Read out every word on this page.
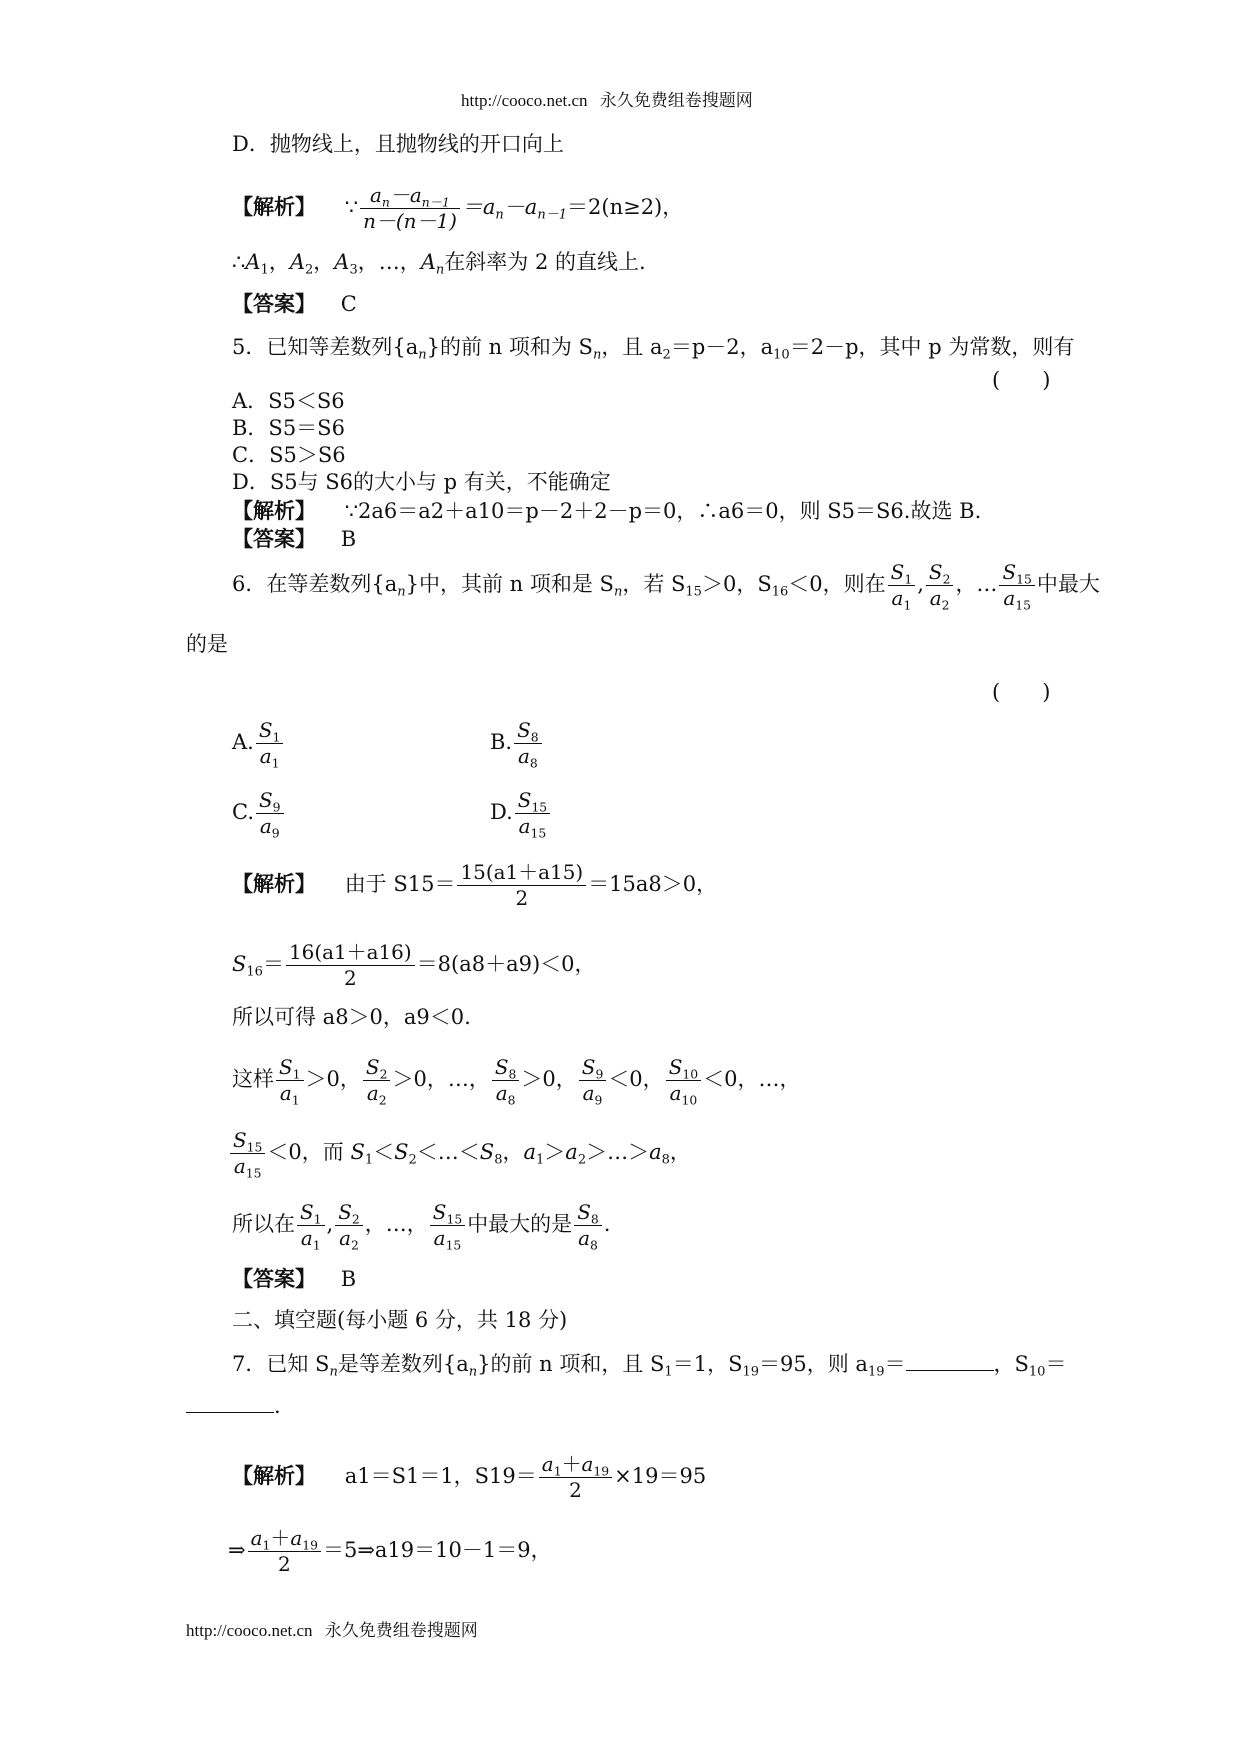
http://cooco.net.cn 永久免费组卷搜题网
D．抛物线上，且抛物线的开口向上
【解析】 ∵ $\frac{a_n-a_{n-1}}{n-(n-1)} =a_n-a_{n-1}=2(n\ge 2)$，
$\therefore A_1$，$A_2$，$A_3$，…，$A_n$在斜率为 2 的直线上.
【答案】 C
5．已知等差数列$\{a_n\}$的前 n 项和为 $S_n$，且 $a_2=p-2$，$a_{10}=2-p$，其中 p 为常数，则有
(　　)
A．S5＜S6
B．S5＝S6
C．S5＞S6
D．S5与 S6的大小与 p 有关，不能确定
【解析】 ∵2a6＝a2＋a10＝p－2＋2－p＝0，∴a6＝0，则 S5＝S6.故选 B.
【答案】 B
6．在等差数列$\{a_n\}$中，其前 n 项和是 $S_n$，若 $S_{15}>0$，$S_{16}<0$，则在 $\frac{S_1}{a_1}$ , $\frac{S_2}{a_2}$ ，… $\frac{S_{15}}{a_{15}}$ 中最大
的是
(　　)
A. $\frac{S_1}{a_1}$	B. $\frac{S_8}{a_8}$
C. $\frac{S_9}{a_9}$	D. $\frac{S_{15}}{a_{15}}$
【解析】 由于 $S15= \frac{15(a1+a15)}{2} =15a8>0$，
$S_{16}= \frac{16(a1+a16)}{2} =8(a8+a9)<0$，
所以可得 a8＞0，a9＜0.
这样 $\frac{S_1}{a_1} >0$， $\frac{S_2}{a_2} >0$，…， $\frac{S_8}{a_8} >0$， $\frac{S_9}{a_9} <0$， $\frac{S_{10}}{a_{10}} <0$，…，
$\frac{S_{15}}{a_{15}} <0$，而 $S_1<S_2<\dots<S_8$，$a_1>a_2>\dots>a_8$，
所以在 $\frac{S_1}{a_1}$ , $\frac{S_2}{a_2}$ ，…， $\frac{S_{15}}{a_{15}}$ 中最大的是 $\frac{S_8}{a_8}$ .
【答案】 B
二、填空题(每小题 6 分，共 18 分)
7．已知 $S_n$是等差数列$\{a_n\}$的前 n 项和，且 $S_1=1$，$S_{19}=95$，则 $a_{19}=$	，$S_{10}=$
.
【解析】 a1＝S1＝1，$S19= \frac{a_1+a_{19}}{2} \times 19=95$
⇒ $\frac{a_1+a_{19}}{2}$ ＝5⇒a19＝10－1＝9，
http://cooco.net.cn 永久免费组卷搜题网
